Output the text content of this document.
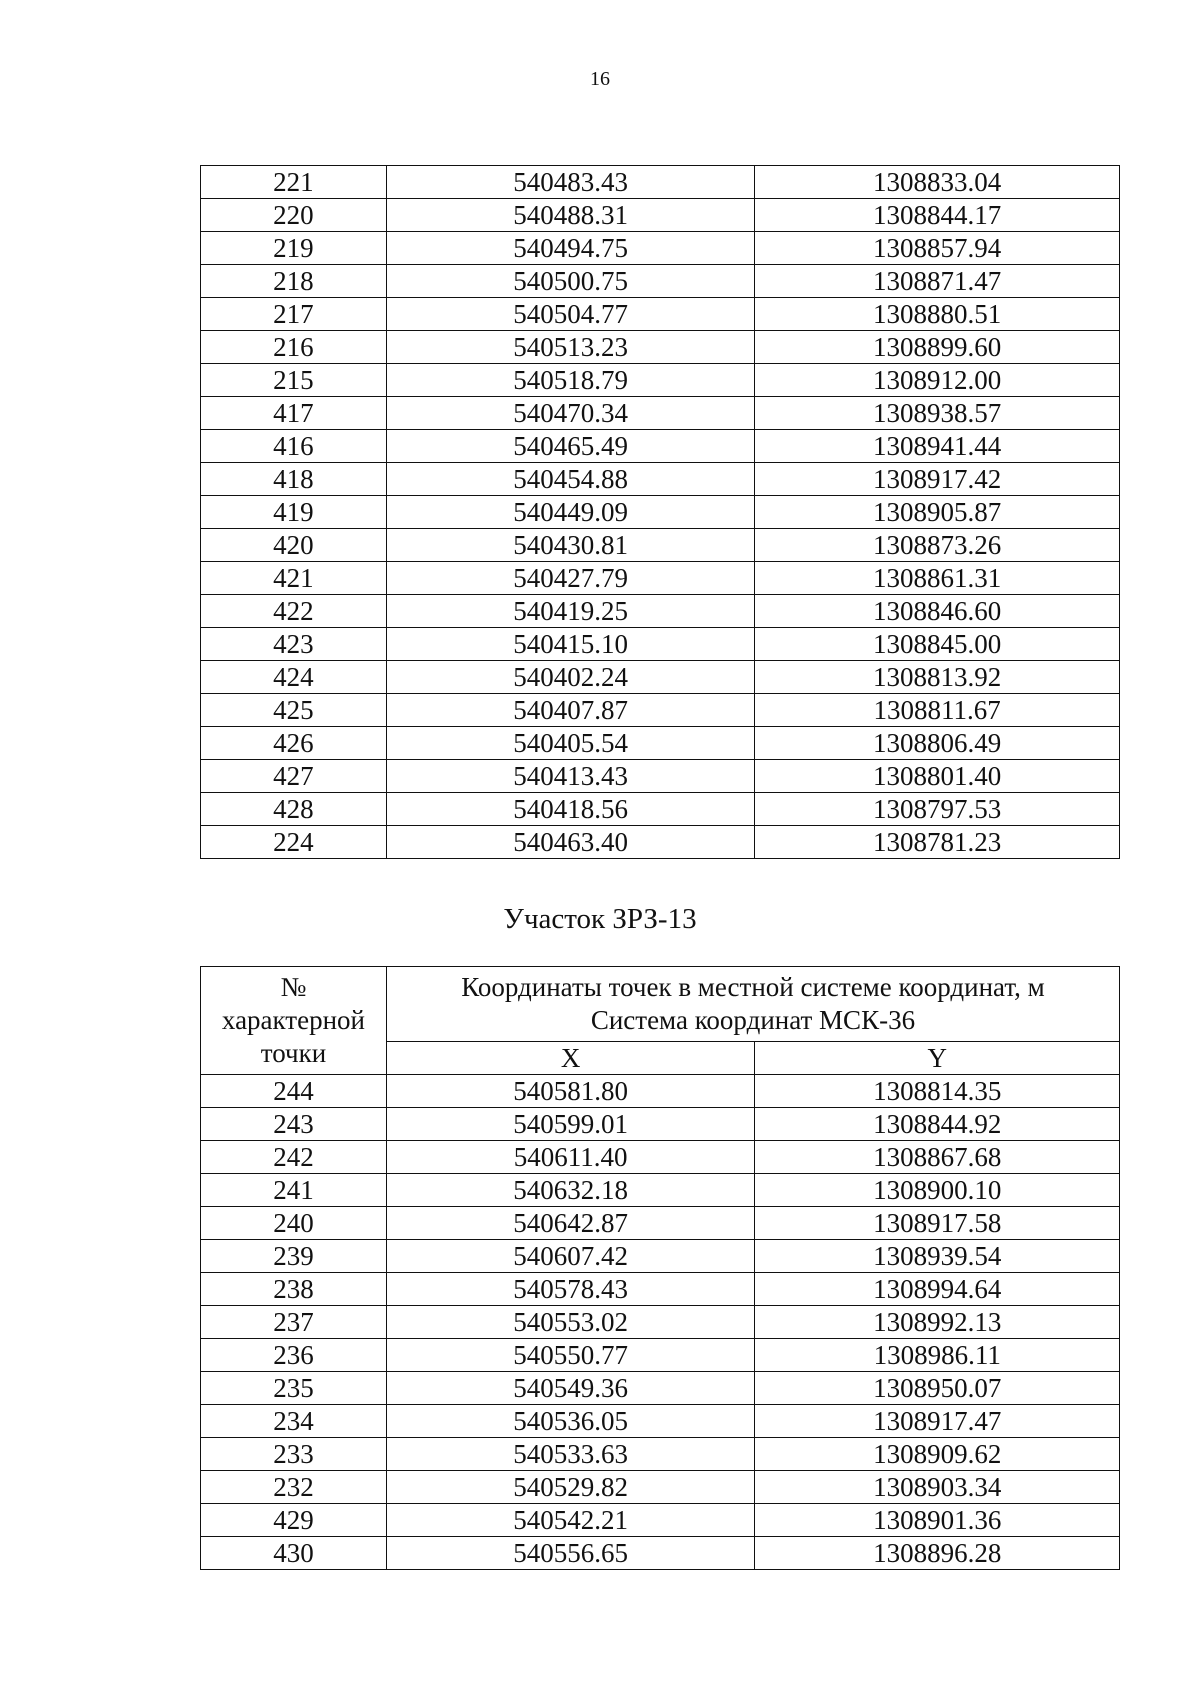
16
221	540483.43	1308833.04
220	540488.31	1308844.17
219	540494.75	1308857.94
218	540500.75	1308871.47
217	540504.77	1308880.51
216	540513.23	1308899.60
215	540518.79	1308912.00
417	540470.34	1308938.57
416	540465.49	1308941.44
418	540454.88	1308917.42
419	540449.09	1308905.87
420	540430.81	1308873.26
421	540427.79	1308861.31
422	540419.25	1308846.60
423	540415.10	1308845.00
424	540402.24	1308813.92
425	540407.87	1308811.67
426	540405.54	1308806.49
427	540413.43	1308801.40
428	540418.56	1308797.53
224	540463.40	1308781.23
Участок ЗРЗ-13
№
характерной
точки	Координаты точек в местной системе координат, м
Система координат МСК-36	

	X	Y
244	540581.80	1308814.35
243	540599.01	1308844.92
242	540611.40	1308867.68
241	540632.18	1308900.10
240	540642.87	1308917.58
239	540607.42	1308939.54
238	540578.43	1308994.64
237	540553.02	1308992.13
236	540550.77	1308986.11
235	540549.36	1308950.07
234	540536.05	1308917.47
233	540533.63	1308909.62
232	540529.82	1308903.34
429	540542.21	1308901.36
430	540556.65	1308896.28
